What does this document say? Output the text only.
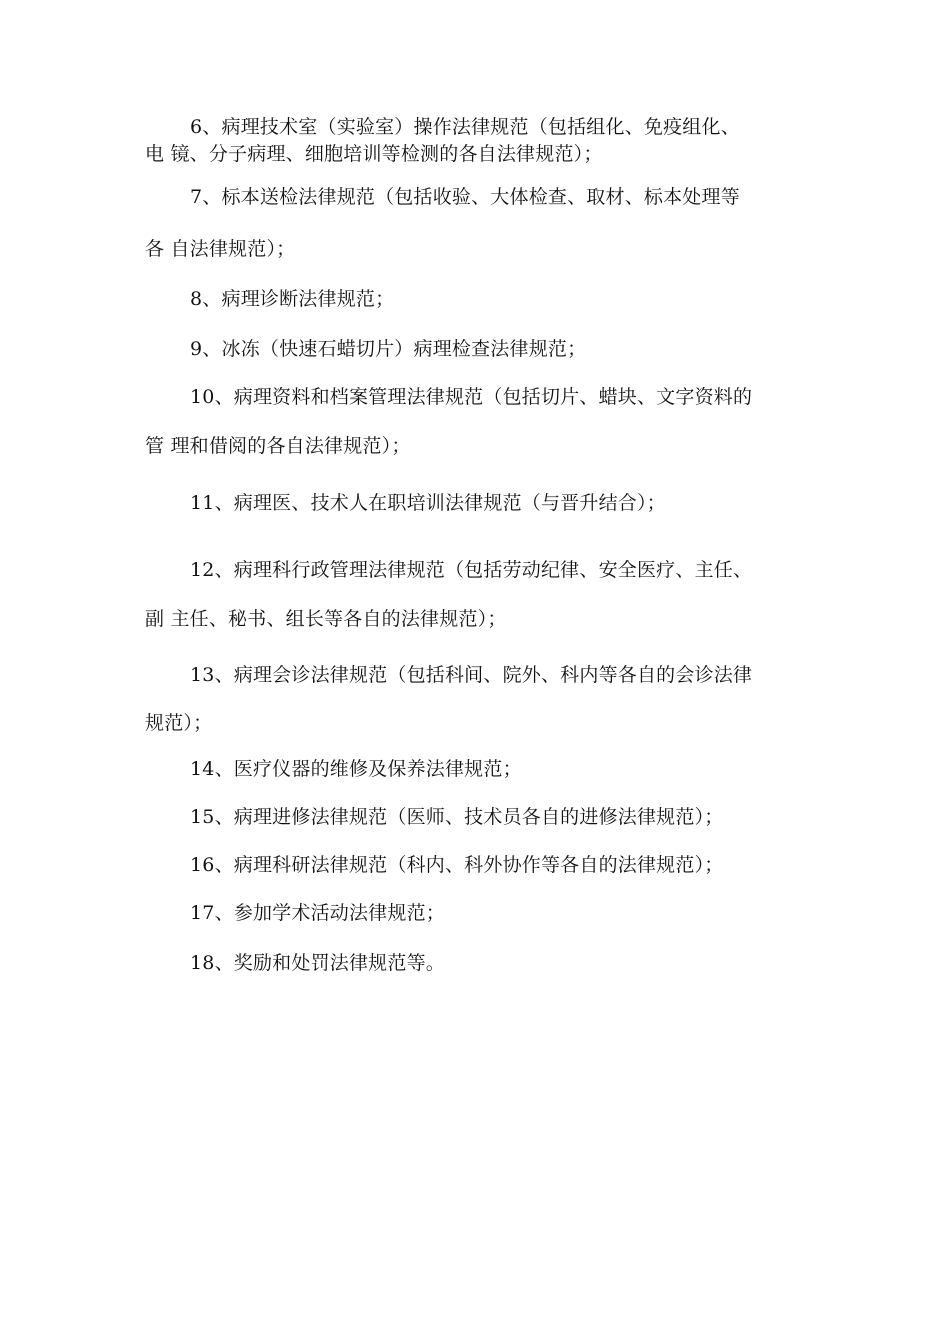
6、病理技术室（实验室）操作法律规范（包括组化、免疫组化、
电 镜、分子病理、细胞培训等检测的各自法律规范）；
7、标本送检法律规范（包括收验、大体检查、取材、标本处理等
各 自法律规范）；
8、病理诊断法律规范；
9、冰冻（快速石蜡切片）病理检查法律规范；
10、病理资料和档案管理法律规范（包括切片、蜡块、文字资料的
管 理和借阅的各自法律规范）；
11、病理医、技术人在职培训法律规范（与晋升结合）；
12、病理科行政管理法律规范（包括劳动纪律、安全医疗、主任、
副 主任、秘书、组长等各自的法律规范）；
13、病理会诊法律规范（包括科间、院外、科内等各自的会诊法律
规范）；
14、医疗仪器的维修及保养法律规范；
15、病理进修法律规范（医师、技术员各自的进修法律规范）；
16、病理科研法律规范（科内、科外协作等各自的法律规范）；
17、参加学术活动法律规范；
18、奖励和处罚法律规范等。
